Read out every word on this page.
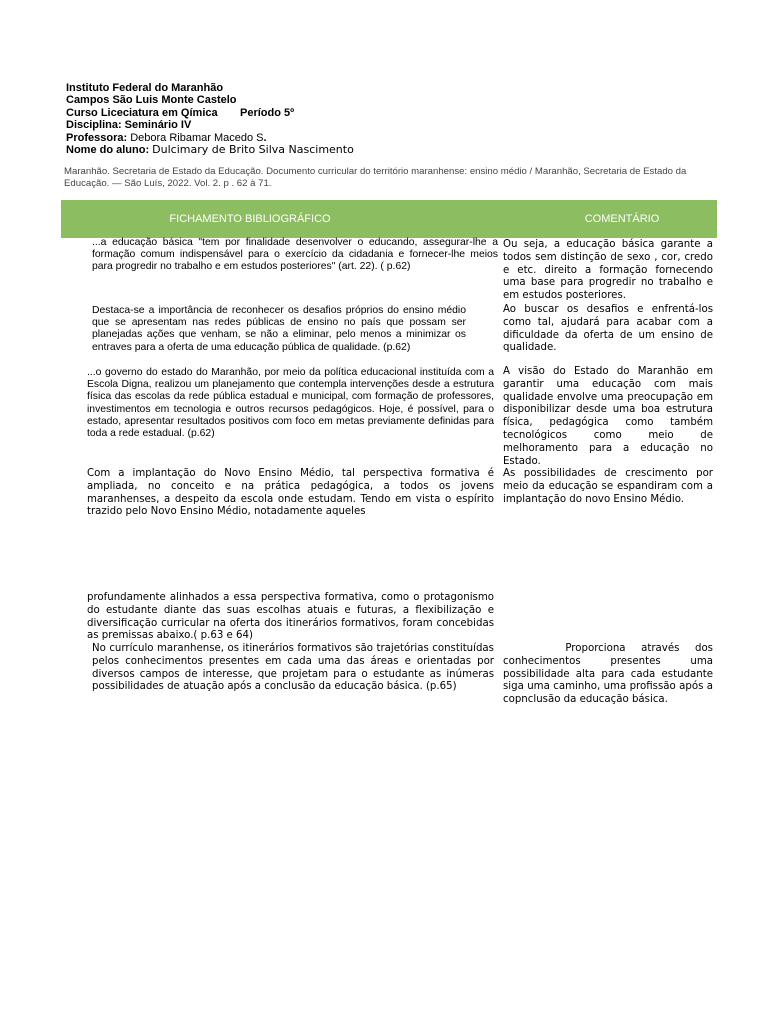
Instituto Federal do Maranhão
Campos São Luis Monte Castelo
Curso Liceciatura em Qímica Período 5º
Disciplina: Seminário IV
Professora: Debora Ribamar Macedo S.
Nome do aluno: Dulcimary de Brito Silva Nascimento
Maranhão. Secretaria de Estado da Educação. Documento curricular do território maranhense: ensino médio / Maranhão, Secretaria de Estado da Educação. — São Luís, 2022. Vol. 2. p . 62 à 71.
FICHAMENTO BIBLIOGRÁFICO	COMENTÁRIO
...a educação básica "tem por finalidade desenvolver o educando, assegurar-lhe a formação comum indispensável para o exercício da cidadania e fornecer-lhe meios para progredir no trabalho e em estudos posteriores" (art. 22). ( p.62)
Destaca-se a importância de reconhecer os desafios próprios do ensino médio que se apresentam nas redes públicas de ensino no país que possam ser planejadas ações que venham, se não a eliminar, pelo menos a minimizar os entraves para a oferta de uma educação pública de qualidade. (p.62)
...o governo do estado do Maranhão, por meio da política educacional instituída com a Escola Digna, realizou um planejamento que contempla intervenções desde a estrutura física das escolas da rede pública estadual e municipal, com formação de professores, investimentos em tecnologia e outros recursos pedagógicos. Hoje, é possível, para o estado, apresentar resultados positivos com foco em metas previamente definidas para toda a rede estadual. (p.62)
Com a implantação do Novo Ensino Médio, tal perspectiva formativa é ampliada, no conceito e na prática pedagógica, a todos os jovens maranhenses, a despeito da escola onde estudam. Tendo em vista o espírito trazido pelo Novo Ensino Médio, notadamente aqueles
profundamente alinhados a essa perspectiva formativa, como o protagonismo do estudante diante das suas escolhas atuais e futuras, a flexibilização e diversificação curricular na oferta dos itinerários formativos, foram concebidas as premissas abaixo.( p.63 e 64)
No currículo maranhense, os itinerários formativos são trajetórias constituídas pelos conhecimentos presentes em cada uma das áreas e orientadas por diversos campos de interesse, que projetam para o estudante as inúmeras possibilidades de atuação após a conclusão da educação básica. (p.65)
Ou seja, a educação básica garante a todos sem distinção de sexo , cor, credo e etc. direito a formação fornecendo uma base para progredir no trabalho e em estudos posteriores.
Ao buscar os desafios e enfrentá-los como tal, ajudará para acabar com a dificuldade da oferta de um ensino de qualidade.
A visão do Estado do Maranhão em garantir uma educação com mais qualidade envolve uma preocupação em disponibilizar desde uma boa estrutura física, pedagógica como também tecnológicos como meio de melhoramento para a educação no Estado.
As possibilidades de crescimento por meio da educação se espandiram com a implantação do novo Ensino Médio.
Proporciona através dos conhecimentos presentes uma possibilidade alta para cada estudante siga uma caminho, uma profissão após a copnclusão da educação básica.
